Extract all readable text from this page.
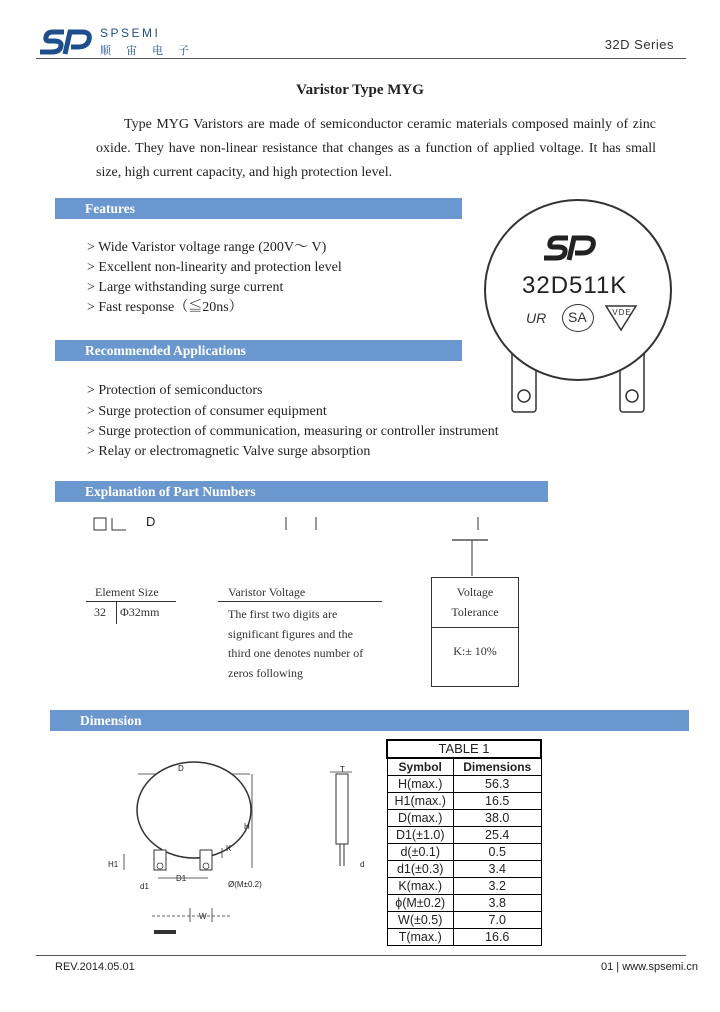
SPSEMI
顺 宙 电 子	32D Series
Varistor Type MYG
Type MYG Varistors are made of semiconductor ceramic materials composed mainly of zinc oxide. They have non-linear resistance that changes as a function of applied voltage. It has small size, high current capacity, and high protection level.
Features
> Wide Varistor voltage range (200V〜 V)
> Excellent non-linearity and protection level
> Large withstanding surge current
> Fast response（≦20ns）
32D511K
UR SA	VDE
Recommended Applications
> Protection of semiconductors
> Surge protection of consumer equipment
> Surge protection of communication, measuring or controller instrument
> Relay or electromagnetic Valve surge absorption
Explanation of Part Numbers
D
Element Size
32 Φ32mm
Varistor Voltage
The first two digits are
significant figures and the
third one denotes number of
zeros following
Voltage
Tolerance
K:± 10%
Dimension
D
H
H1
K
d1
D1
Ø(M±0.2)
W
T
d
TABLE 1	
Symbol	Dimensions
H(max.)	56.3
H1(max.)	16.5
D(max.)	38.0
D1(±1.0)	25.4
d(±0.1)	0.5
d1(±0.3)	3.4
K(max.)	3.2
ϕ(M±0.2)	3.8
W(±0.5)	7.0
T(max.)	16.6
REV.2014.05.01	01 | www.spsemi.cn
